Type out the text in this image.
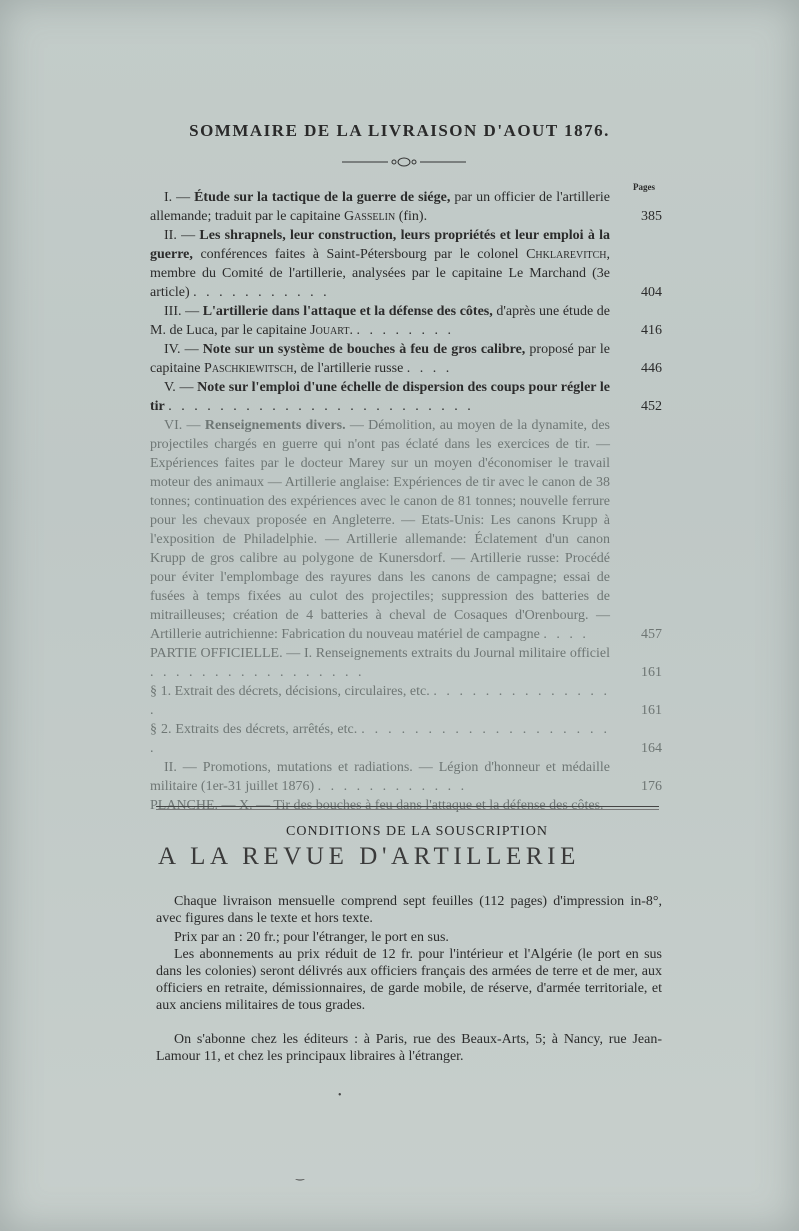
SOMMAIRE DE LA LIVRAISON D'AOUT 1876.
Pages
I. — Étude sur la tactique de la guerre de siége, par un officier de l'artillerie allemande; traduit par le capitaine Gasselin (fin).	385
II. — Les shrapnels, leur construction, leurs propriétés et leur emploi à la guerre, conférences faites à Saint-Pétersbourg par le colonel Chklarevitch, membre du Comité de l'artillerie, analysées par le capitaine Le Marchand (3e article) . . . . . . . . . . .	404
III. — L'artillerie dans l'attaque et la défense des côtes, d'après une étude de M. de Luca, par le capitaine Jouart. . . . . . . . .	416
IV. — Note sur un système de bouches à feu de gros calibre, proposé par le capitaine Paschkiewitsch, de l'artillerie russe . . . .	446
V. — Note sur l'emploi d'une échelle de dispersion des coups pour régler le tir . . . . . . . . . . . . . . . . . . . . . . . .	452
VI. — Renseignements divers. — Démolition, au moyen de la dynamite, des projectiles chargés en guerre qui n'ont pas éclaté dans les exercices de tir. — Expériences faites par le docteur Marey sur un moyen d'économiser le travail moteur des animaux — Artillerie anglaise: Expériences de tir avec le canon de 38 tonnes; continuation des expériences avec le canon de 81 tonnes; nouvelle ferrure pour les chevaux proposée en Angleterre. — Etats-Unis: Les canons Krupp à l'exposition de Philadelphie. — Artillerie allemande: Éclatement d'un canon Krupp de gros calibre au polygone de Kunersdorf. — Artillerie russe: Procédé pour éviter l'emplombage des rayures dans les canons de campagne; essai de fusées à temps fixées au culot des projectiles; suppression des batteries de mitrailleuses; création de 4 batteries à cheval de Cosaques d'Orenbourg. — Artillerie autrichienne: Fabrication du nouveau matériel de campagne . . . .	457
PARTIE OFFICIELLE. — I. Renseignements extraits du Journal militaire officiel . . . . . . . . . . . . . . . . .	161
§ 1. Extrait des décrets, décisions, circulaires, etc. . . . . . . . . . . . . . . .	161
§ 2. Extraits des décrets, arrêtés, etc. . . . . . . . . . . . . . . . . . . . .	164
II. — Promotions, mutations et radiations. — Légion d'honneur et médaille militaire (1er-31 juillet 1876) . . . . . . . . . . . .	176
PLANCHE. — X. — Tir des bouches à feu dans l'attaque et la défense des côtes.
CONDITIONS DE LA SOUSCRIPTION
A LA REVUE D'ARTILLERIE
Chaque livraison mensuelle comprend sept feuilles (112 pages) d'impression in-8°, avec figures dans le texte et hors texte.
Prix par an : 20 fr.; pour l'étranger, le port en sus.
Les abonnements au prix réduit de 12 fr. pour l'intérieur et l'Algérie (le port en sus dans les colonies) seront délivrés aux officiers français des armées de terre et de mer, aux officiers en retraite, démissionnaires, de garde mobile, de réserve, d'armée territoriale, et aux anciens militaires de tous grades.
On s'abonne chez les éditeurs : à Paris, rue des Beaux-Arts, 5; à Nancy, rue Jean-Lamour 11, et chez les principaux libraires à l'étranger.
•
‿
